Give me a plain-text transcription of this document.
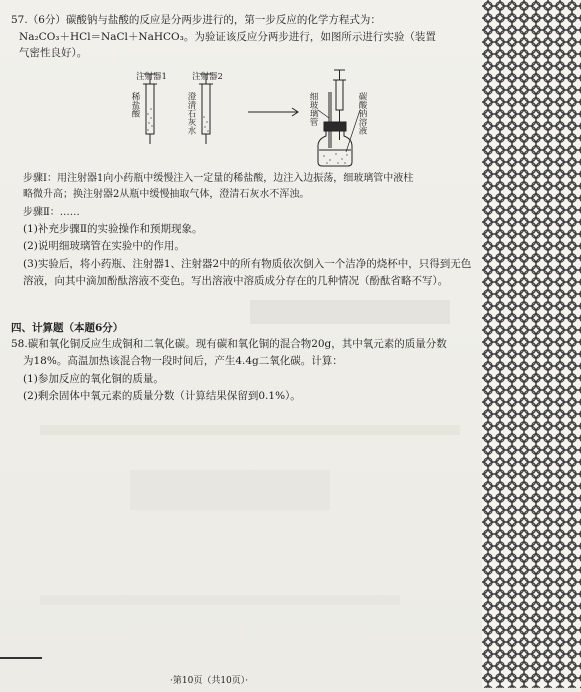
57.（6分）碳酸钠与盐酸的反应是分两步进行的，第一步反应的化学方程式为：
Na₂CO₃＋HCl＝NaCl＋NaHCO₃。为验证该反应分两步进行，如图所示进行实验（装置
气密性良好）。
注射器1	注射器2
稀盐酸	澄清石灰水	细玻璃管	碳酸钠溶液
步骤Ⅰ：用注射器1向小药瓶中缓慢注入一定量的稀盐酸，边注入边振荡，细玻璃管中液柱
略微升高；换注射器2从瓶中缓慢抽取气体，澄清石灰水不浑浊。
步骤Ⅱ：……
(1)补充步骤Ⅱ的实验操作和预期现象。
(2)说明细玻璃管在实验中的作用。
(3)实验后，将小药瓶、注射器1、注射器2中的所有物质依次倒入一个洁净的烧杯中，只得到无色
溶液，向其中滴加酚酞溶液不变色。写出溶液中溶质成分存在的几种情况（酚酞省略不写）。
四、计算题（本题6分）
58.碳和氧化铜反应生成铜和二氧化碳。现有碳和氧化铜的混合物20g，其中氧元素的质量分数
为18%。高温加热该混合物一段时间后，产生4.4g二氧化碳。计算：
(1)参加反应的氧化铜的质量。
(2)剩余固体中氧元素的质量分数（计算结果保留到0.1%）。
·第10页（共10页）·
